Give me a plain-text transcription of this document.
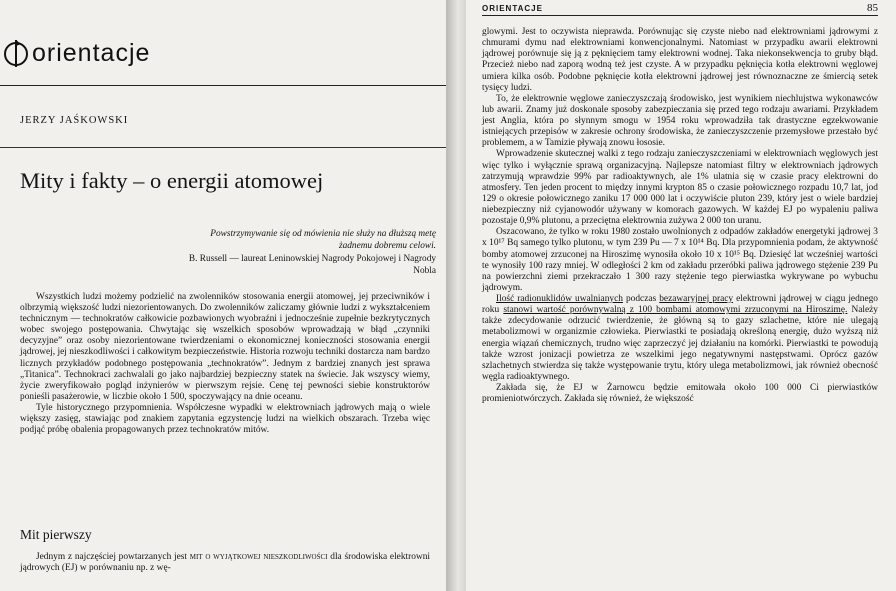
orientacje
JERZY JAŚKOWSKI
Mity i fakty – o energii atomowej
Powstrzymywanie się od mówienia nie służy na dłuższą metę żadnemu dobremu celowi.
B. Russell — laureat Leninowskiej Nagrody Pokojowej i Nagrody Nobla

Wszystkich ludzi możemy podzielić na zwolenników stosowania energii atomowej, jej przeciwników i olbrzymią większość ludzi niezorientowanych. Do zwolenników zaliczamy głównie ludzi z wykształceniem technicznym — technokratów całkowicie pozbawionych wyobraźni i jednocześnie zupełnie bezkrytycznych wobec swojego postępowania. Chwytając się wszelkich sposobów wprowadzają w błąd „czynniki decyzyjne” oraz osoby niezorientowane twierdzeniami o ekonomicznej konieczności stosowania energii jądrowej, jej nieszkodliwości i całkowitym bezpieczeństwie. Historia rozwoju techniki dostarcza nam bardzo licznych przykładów podobnego postępowania „technokratów”. Jednym z bardziej znanych jest sprawa „Titanica”. Technokraci zachwalali go jako najbardziej bezpieczny statek na świecie. Jak wszyscy wiemy, życie zweryfikowało pogląd inżynierów w pierwszym rejsie. Cenę tej pewności siebie konstruktorów ponieśli pasażerowie, w liczbie około 1 500, spoczywający na dnie oceanu.

Tyle historycznego przypomnienia. Współczesne wypadki w elektrowniach jądrowych mają o wiele większy zasięg, stawiając pod znakiem zapytania egzystencję ludzi na wielkich obszarach. Trzeba więc podjąć próbę obalenia propagowanych przez technokratów mitów.

Mit pierwszy

Jednym z najczęściej powtarzanych jest mit o wyjątkowej nieszkodliwości dla środowiska elektrowni jądrowych (EJ) w porównaniu np. z wę-

ORIENTACJE	85

glowymi. Jest to oczywista nieprawda. Porównując się czyste niebo nad elektrowniami jądrowymi z chmurami dymu nad elektrowniami konwencjonalnymi. Natomiast w przypadku awarii elektrowni jądrowej porównuje się ją z pęknięciem tamy elektrowni wodnej. Taka niekonsekwencja to gruby błąd. Przecież niebo nad zaporą wodną też jest czyste. A w przypadku pęknięcia kotła elektrowni węglowej umiera kilka osób. Podobne pęknięcie kotła elektrowni jądrowej jest równoznaczne ze śmiercią setek tysięcy ludzi.

To, że elektrownie węglowe zanieczyszczają środowisko, jest wynikiem niechlujstwa wykonawców lub awarii. Znamy już doskonale sposoby zabezpieczania się przed tego rodzaju awariami. Przykładem jest Anglia, która po słynnym smogu w 1954 roku wprowadziła tak drastyczne egzekwowanie istniejących przepisów w zakresie ochrony środowiska, że zanieczyszczenie przemysłowe przestało być problemem, a w Tamizie pływają znowu łososie.

Wprowadzenie skutecznej walki z tego rodzaju zanieczyszczeniami w elektrowniach węglowych jest więc tylko i wyłącznie sprawą organizacyjną. Najlepsze natomiast filtry w elektrowniach jądrowych zatrzymują wprawdzie 99% par radioaktywnych, ale 1% ulatnia się w czasie pracy elektrowni do atmosfery. Ten jeden procent to między innymi krypton 85 o czasie połowicznego rozpadu 10,7 lat, jod 129 o okresie połowicznego zaniku 17 000 000 lat i oczywiście pluton 239, który jest o wiele bardziej niebezpieczny niż cyjanowodór używany w komorach gazowych. W każdej EJ po wypaleniu paliwa pozostaje 0,9% plutonu, a przeciętna elektrownia zużywa 2 000 ton uranu.

Oszacowano, że tylko w roku 1980 zostało uwolnionych z odpadów zakładów energetyki jądrowej 3 x 10¹⁷ Bq samego tylko plutonu, w tym 239 Pu — 7 x 10¹⁴ Bq. Dla przypomnienia podam, że aktywność bomby atomowej zrzuconej na Hiroszimę wynosiła około 10 x 10¹⁵ Bq. Dziesięć lat wcześniej wartości te wynosiły 100 razy mniej. W odległości 2 km od zakładu przeróbki paliwa jądrowego stężenie 239 Pu na powierzchni ziemi przekraczało 1 300 razy stężenie tego pierwiastka wykrywane po wybuchu jądrowym.

Ilość radionuklidów uwalnianych podczas bezawaryjnej pracy elektrowni jądrowej w ciągu jednego roku stanowi wartość porównywalną z 100 bombami atomowymi zrzuconymi na Hiroszimę. Należy także zdecydowanie odrzucić twierdzenie, że główną są to gazy szlachetne, które nie ulegają metabolizmowi w organizmie człowieka. Pierwiastki te posiadają określoną energię, dużo wyższą niż energia wiązań chemicznych, trudno więc zaprzeczyć jej działaniu na komórki. Pierwiastki te powodują także wzrost jonizacji powietrza ze wszelkimi jego negatywnymi następstwami. Oprócz gazów szlachetnych stwierdza się także występowanie trytu, który ulega metabolizmowi, jak również obecność węgla radioaktywnego.

Zakłada się, że EJ w Żarnowcu będzie emitowała około 100 000 Ci pierwiastków promieniotwórczych. Zakłada się również, że większość
